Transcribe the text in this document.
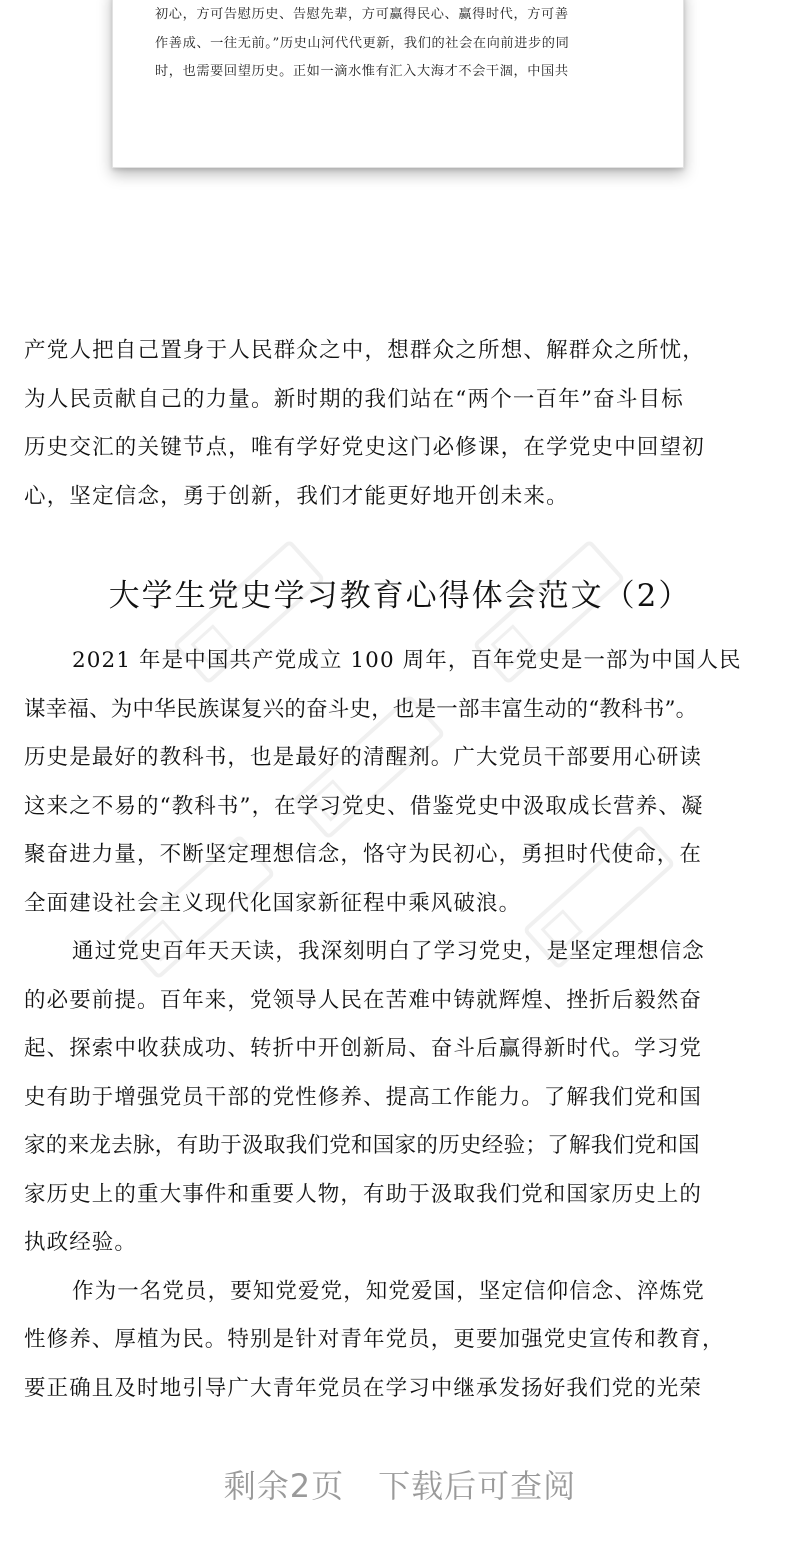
初心，方可告慰历史、告慰先辈，方可赢得民心、赢得时代，方可善
作善成、一往无前。”历史山河代代更新，我们的社会在向前进步的同
时，也需要回望历史。正如一滴水惟有汇入大海才不会干涸，中国共
产党人把自己置身于人民群众之中，想群众之所想、解群众之所忧，
为人民贡献自己的力量。新时期的我们站在“两个一百年”奋斗目标
历史交汇的关键节点，唯有学好党史这门必修课，在学党史中回望初
心，坚定信念，勇于创新，我们才能更好地开创未来。
大学生党史学习教育心得体会范文（2）
2021 年是中国共产党成立 100 周年，百年党史是一部为中国人民
谋幸福、为中华民族谋复兴的奋斗史，也是一部丰富生动的“教科书”。
历史是最好的教科书，也是最好的清醒剂。广大党员干部要用心研读
这来之不易的“教科书”，在学习党史、借鉴党史中汲取成长营养、凝
聚奋进力量，不断坚定理想信念，恪守为民初心，勇担时代使命，在
全面建设社会主义现代化国家新征程中乘风破浪。
通过党史百年天天读，我深刻明白了学习党史，是坚定理想信念
的必要前提。百年来，党领导人民在苦难中铸就辉煌、挫折后毅然奋
起、探索中收获成功、转折中开创新局、奋斗后赢得新时代。学习党
史有助于增强党员干部的党性修养、提高工作能力。了解我们党和国
家的来龙去脉，有助于汲取我们党和国家的历史经验；了解我们党和国
家历史上的重大事件和重要人物，有助于汲取我们党和国家历史上的
执政经验。
作为一名党员，要知党爱党，知党爱国，坚定信仰信念、淬炼党
性修养、厚植为民。特别是针对青年党员，更要加强党史宣传和教育，
要正确且及时地引导广大青年党员在学习中继承发扬好我们党的光荣
剩余2页 下载后可查阅
